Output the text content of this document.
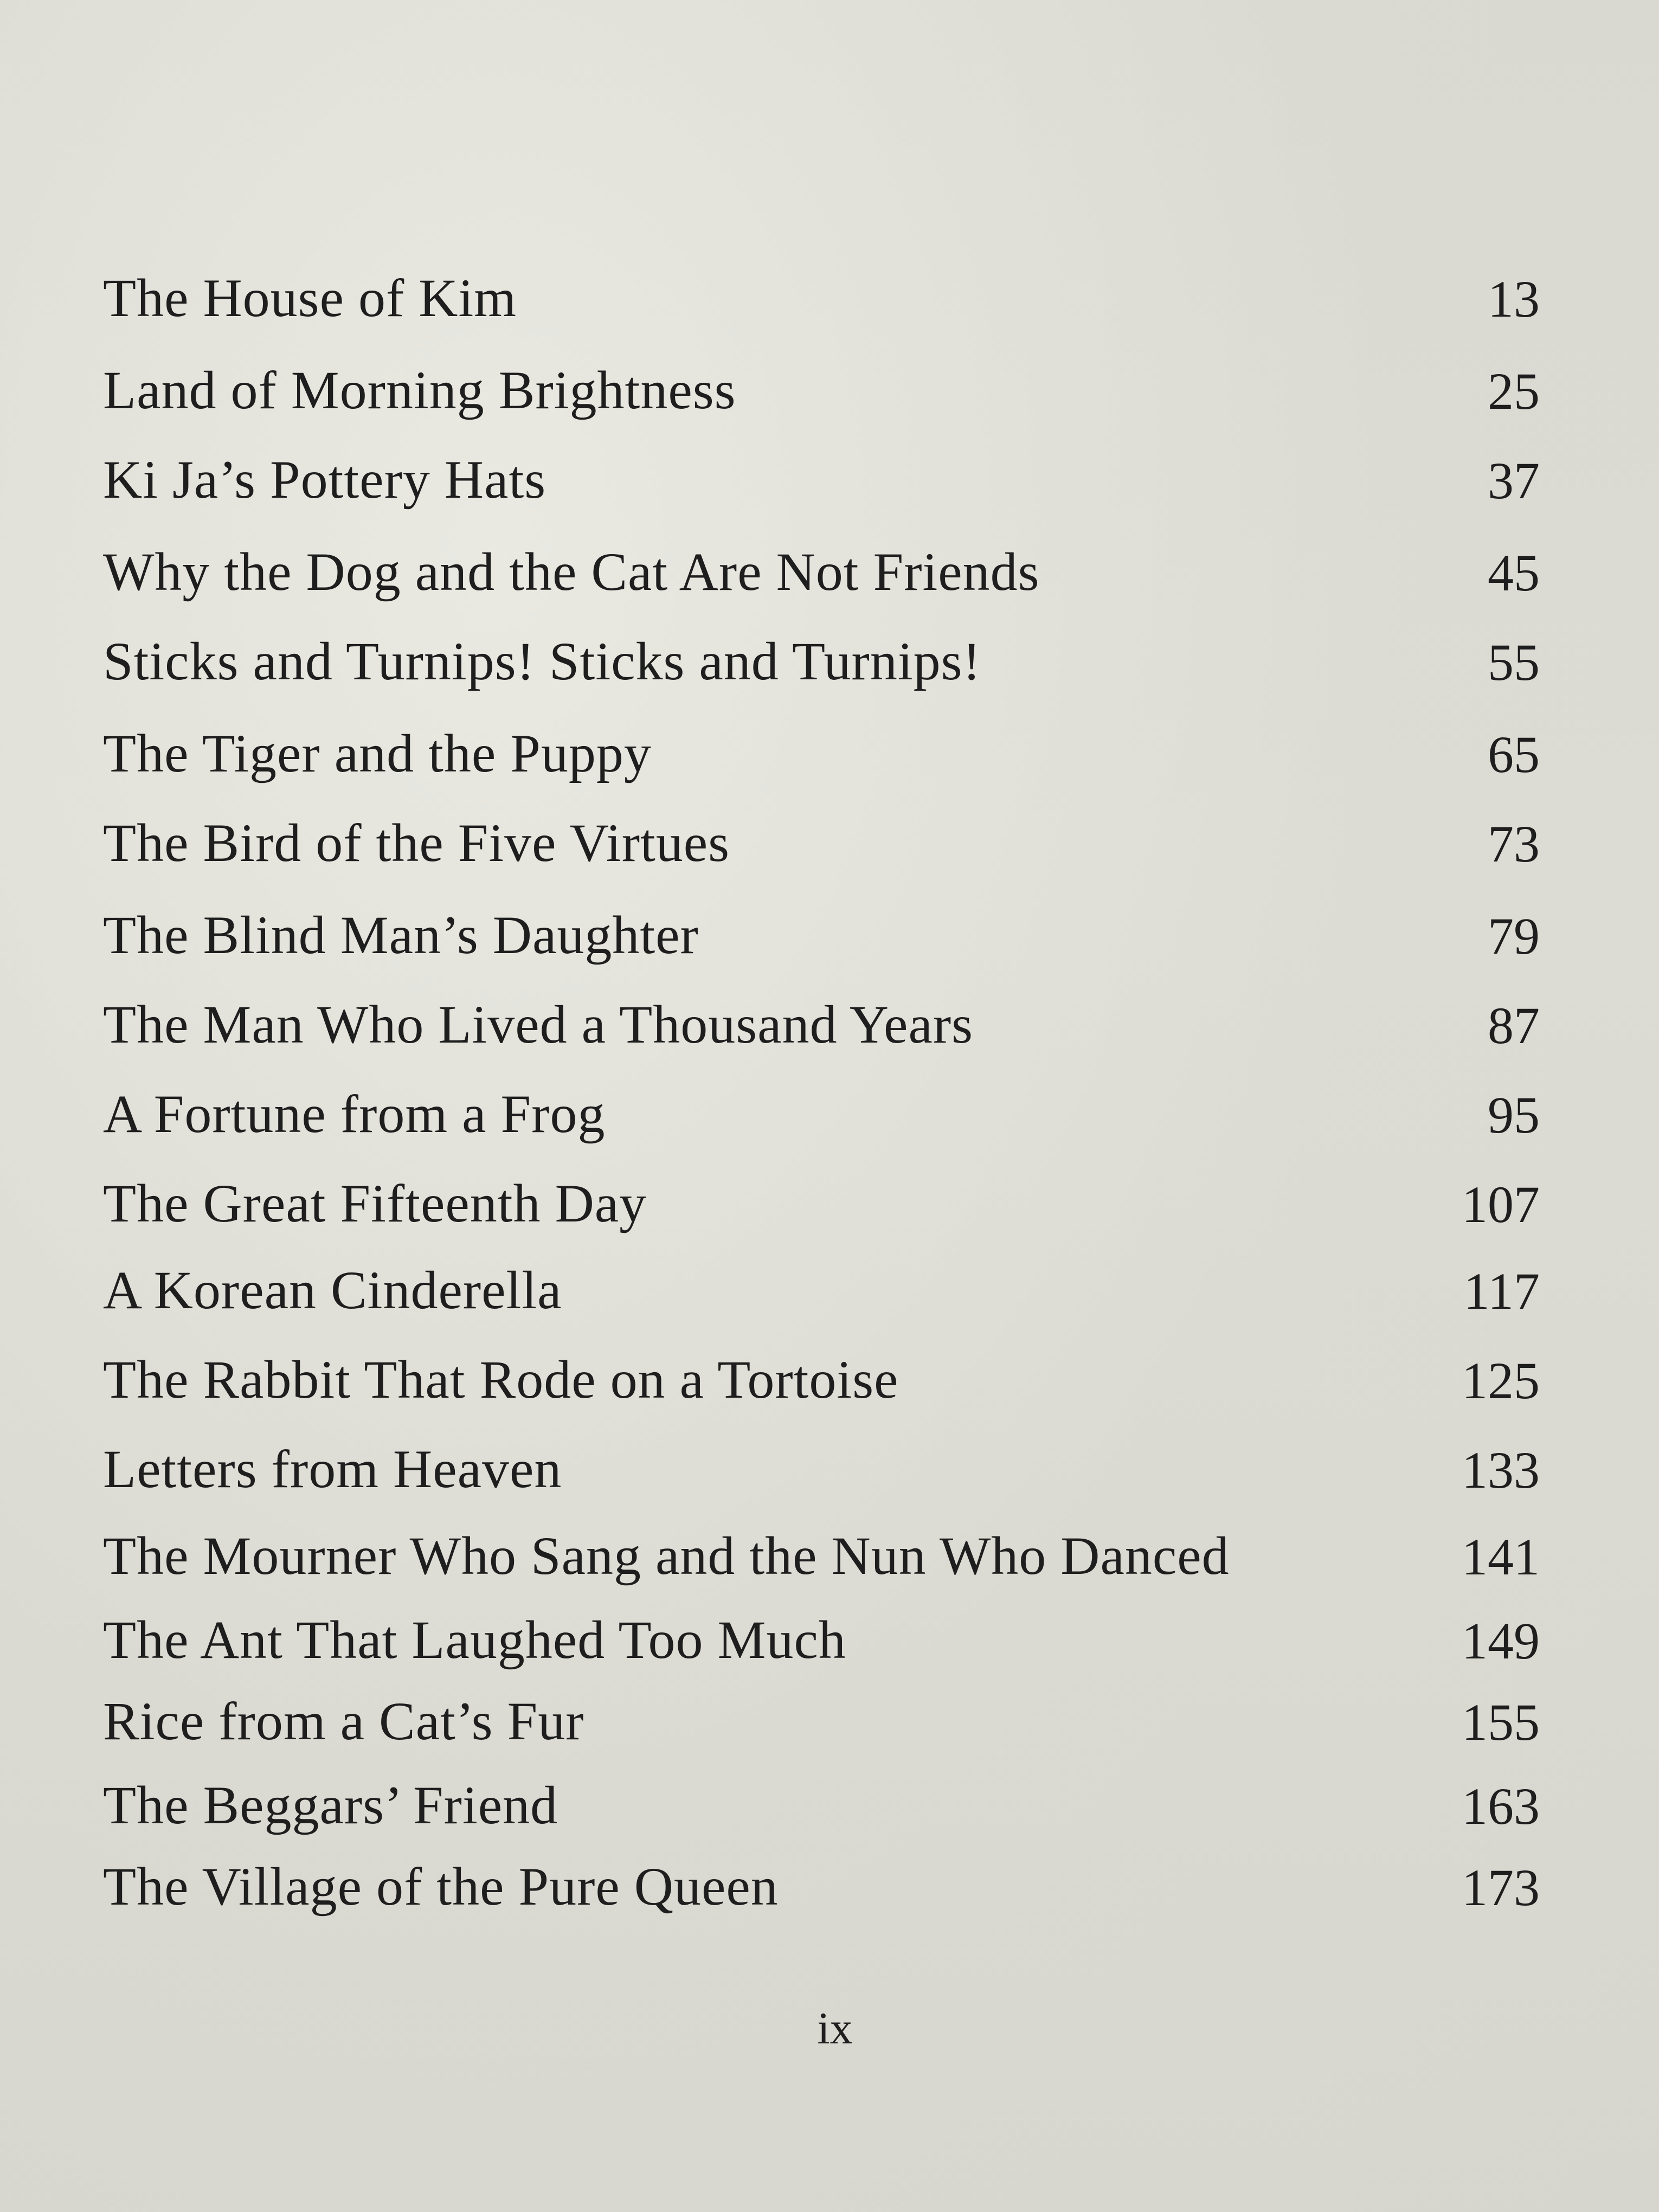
The House of Kim	13
Land of Morning Brightness	25
Ki Ja’s Pottery Hats	37
Why the Dog and the Cat Are Not Friends	45
Sticks and Turnips! Sticks and Turnips!	55
The Tiger and the Puppy	65
The Bird of the Five Virtues	73
The Blind Man’s Daughter	79
The Man Who Lived a Thousand Years	87
A Fortune from a Frog	95
The Great Fifteenth Day	107
A Korean Cinderella	117
The Rabbit That Rode on a Tortoise	125
Letters from Heaven	133
The Mourner Who Sang and the Nun Who Danced	141
The Ant That Laughed Too Much	149
Rice from a Cat’s Fur	155
The Beggars’ Friend	163
The Village of the Pure Queen	173
ix
